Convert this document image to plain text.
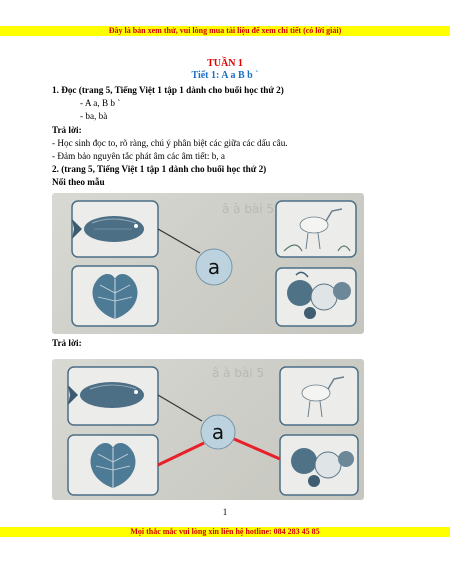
Đây là bản xem thử, vui lòng mua tài liệu để xem chi tiết (có lời giải)
TUẦN 1
Tiết 1: A a B b `
1. Đọc (trang 5, Tiếng Việt 1 tập 1 dành cho buổi học thứ 2)
- A a, B b `
- ba, bà
Trả lời:
- Học sinh đọc to, rõ ràng, chú ý phân biệt các giữa các dấu câu.
- Đảm bảo nguyên tắc phát âm các âm tiết: b, a
2. (trang 5, Tiếng Việt 1 tập 1 dành cho buổi học thứ 2)
Nối theo mẫu
â à bài 5
a
Trả lời:
â à bài 5
a
1
Mọi thắc mắc vui lòng xin liên hệ hotline: 084 283 45 85
